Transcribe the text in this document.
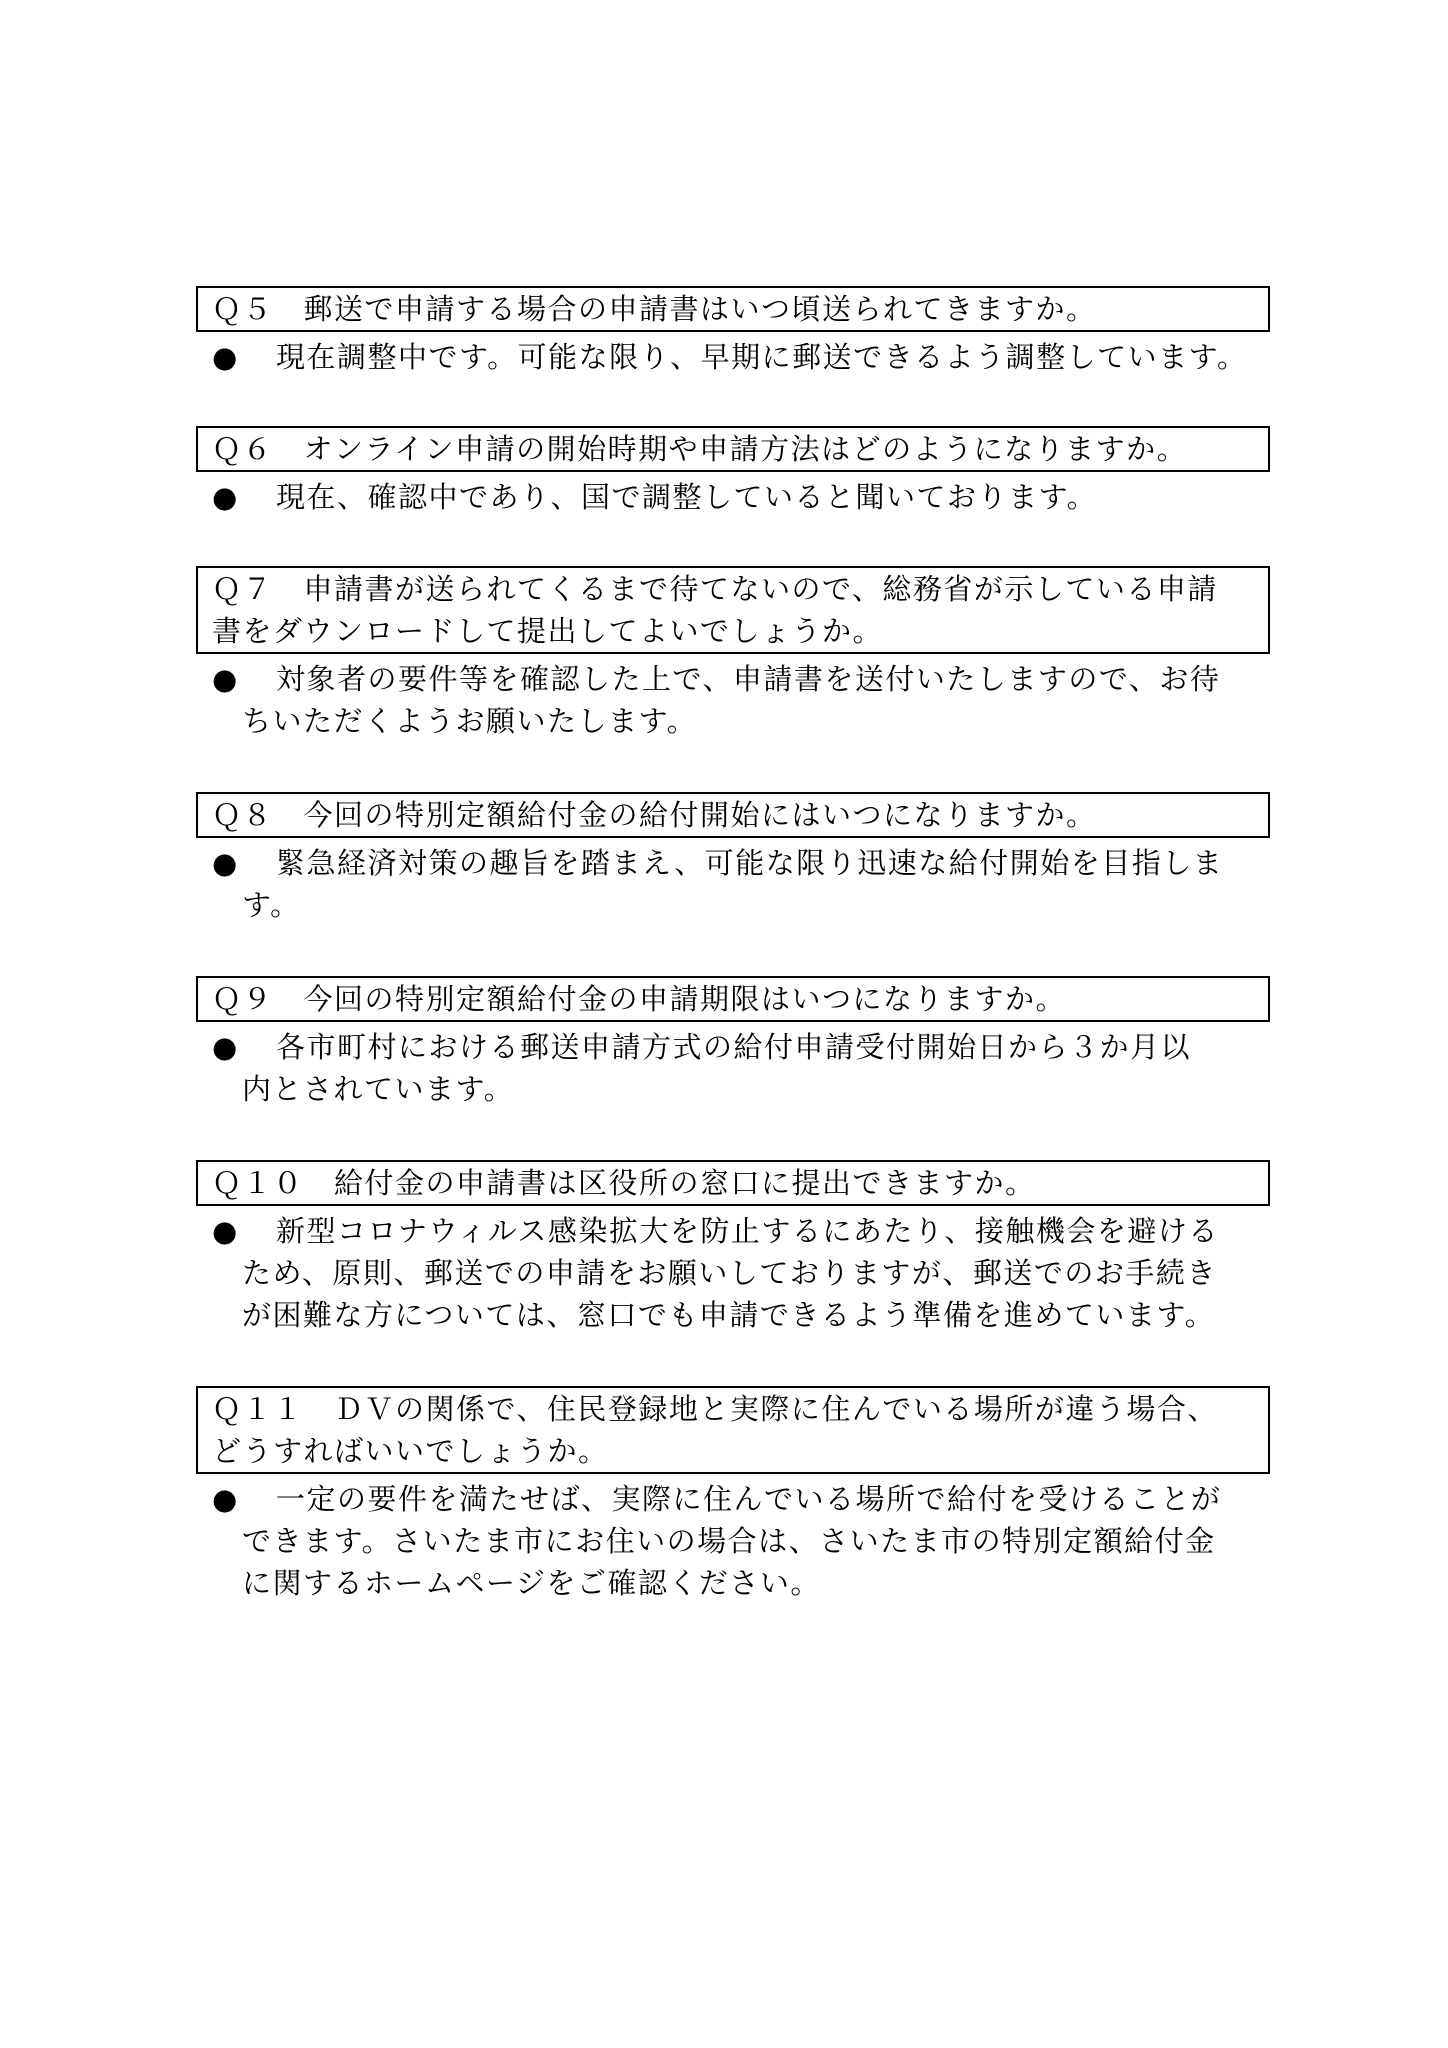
Ｑ５　郵送で申請する場合の申請書はいつ頃送られてきますか。
●	現在調整中です。可能な限り、早期に郵送できるよう調整しています。
Ｑ６　オンライン申請の開始時期や申請方法はどのようになりますか。
●	現在、確認中であり、国で調整していると聞いております。
Ｑ７　申請書が送られてくるまで待てないので、総務省が示している申請
書をダウンロードして提出してよいでしょうか。
●	対象者の要件等を確認した上で、申請書を送付いたしますので、お待
ちいただくようお願いたします。
Ｑ８　今回の特別定額給付金の給付開始にはいつになりますか。
●	緊急経済対策の趣旨を踏まえ、可能な限り迅速な給付開始を目指しま
す。
Ｑ９　今回の特別定額給付金の申請期限はいつになりますか。
●	各市町村における郵送申請方式の給付申請受付開始日から３か月以
内とされています。
Ｑ１０　給付金の申請書は区役所の窓口に提出できますか。
●	新型コロナウィルス感染拡大を防止するにあたり、接触機会を避ける
ため、原則、郵送での申請をお願いしておりますが、郵送でのお手続き
が困難な方については、窓口でも申請できるよう準備を進めています。
Ｑ１１　ＤＶの関係で、住民登録地と実際に住んでいる場所が違う場合、
どうすればいいでしょうか。
●	一定の要件を満たせば、実際に住んでいる場所で給付を受けることが
できます。さいたま市にお住いの場合は、さいたま市の特別定額給付金
に関するホームページをご確認ください。
